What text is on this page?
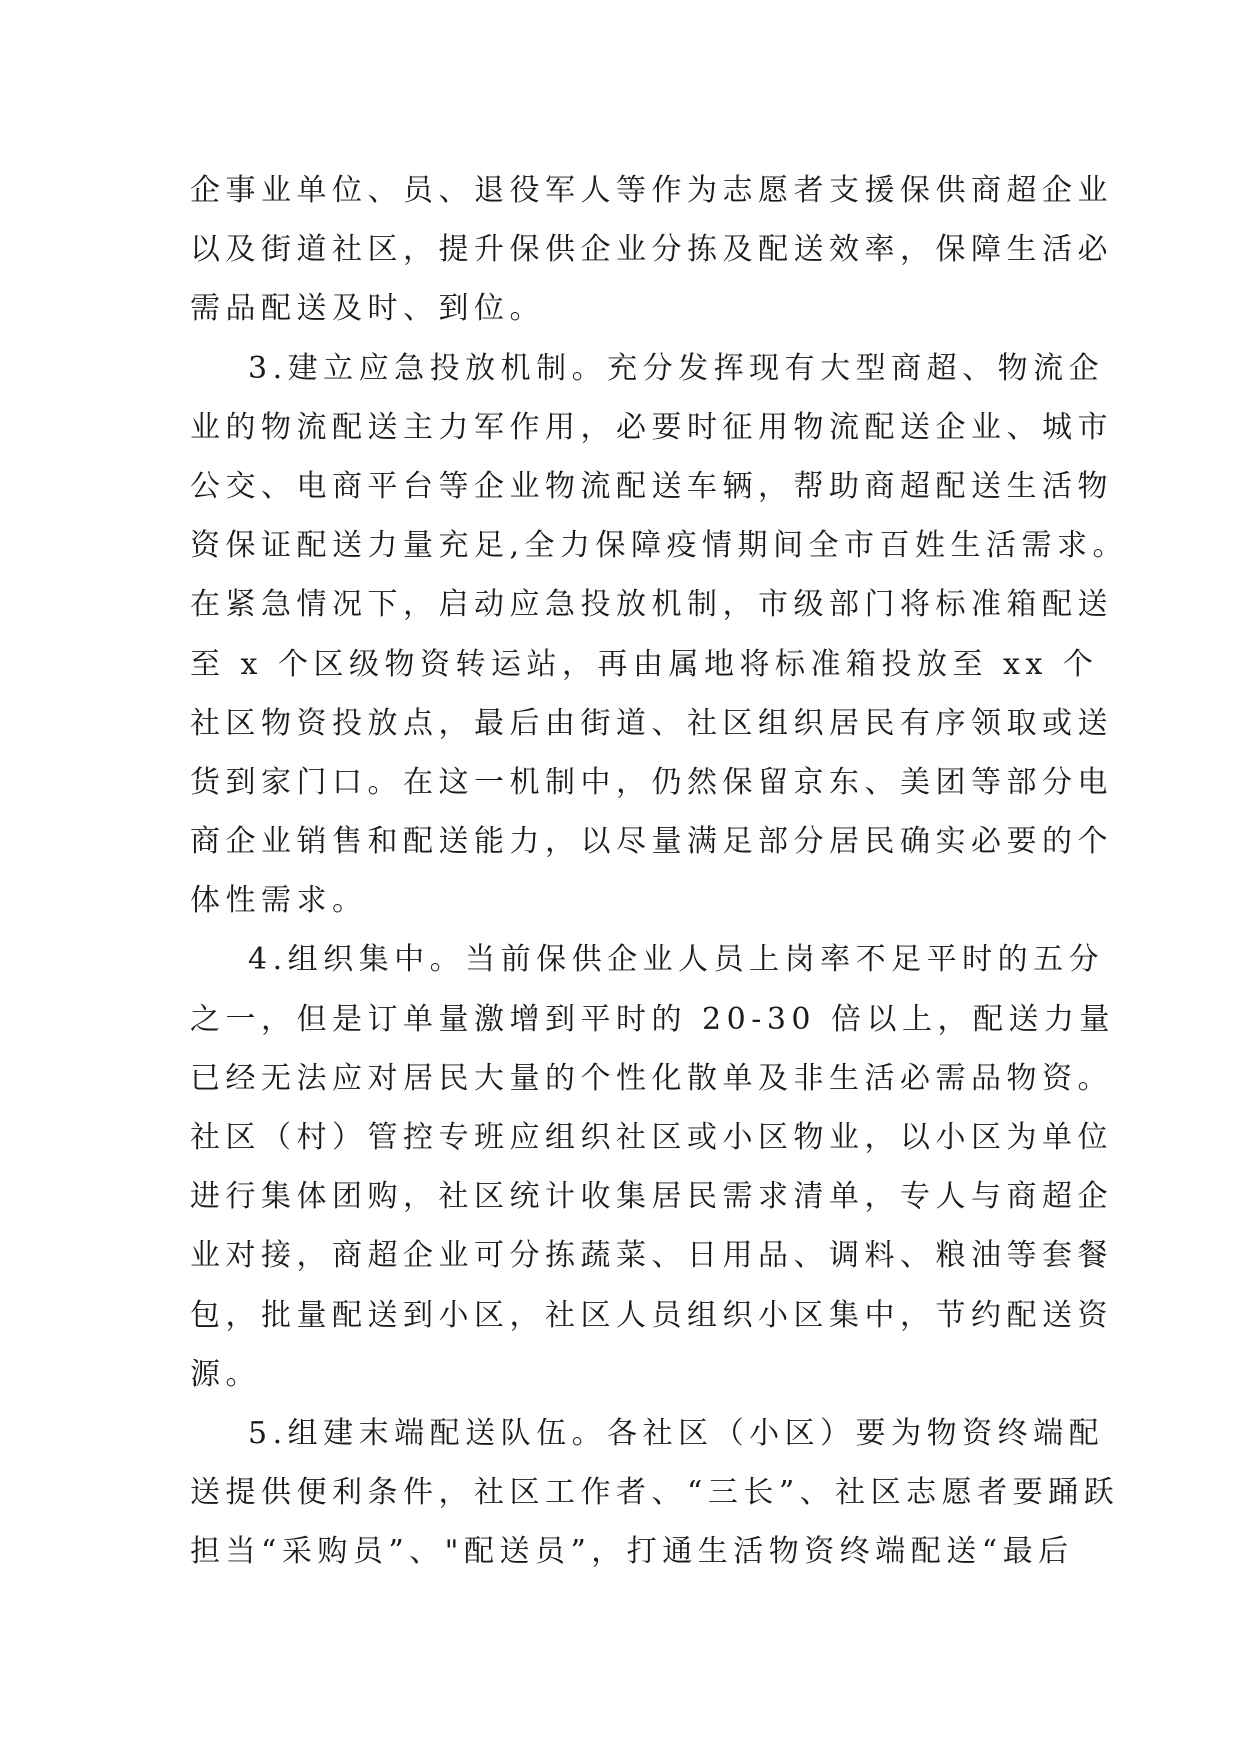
企事业单位、员、退役军人等作为志愿者支援保供商超企业
以及街道社区，提升保供企业分拣及配送效率，保障生活必
需品配送及时、到位。
3.建立应急投放机制。充分发挥现有大型商超、物流企
业的物流配送主力军作用，必要时征用物流配送企业、城市
公交、电商平台等企业物流配送车辆，帮助商超配送生活物
资保证配送力量充足,全力保障疫情期间全市百姓生活需求。
在紧急情况下，启动应急投放机制，市级部门将标准箱配送
至 x 个区级物资转运站，再由属地将标准箱投放至 xx 个
社区物资投放点，最后由街道、社区组织居民有序领取或送
货到家门口。在这一机制中，仍然保留京东、美团等部分电
商企业销售和配送能力，以尽量满足部分居民确实必要的个
体性需求。
4.组织集中。当前保供企业人员上岗率不足平时的五分
之一，但是订单量激增到平时的 20-30 倍以上，配送力量
已经无法应对居民大量的个性化散单及非生活必需品物资。
社区（村）管控专班应组织社区或小区物业，以小区为单位
进行集体团购，社区统计收集居民需求清单，专人与商超企
业对接，商超企业可分拣蔬菜、日用品、调料、粮油等套餐
包，批量配送到小区，社区人员组织小区集中，节约配送资
源。
5.组建末端配送队伍。各社区（小区）要为物资终端配
送提供便利条件，社区工作者、“三长”、社区志愿者要踊跃
担当“采购员”、"配送员”，打通生活物资终端配送“最后
